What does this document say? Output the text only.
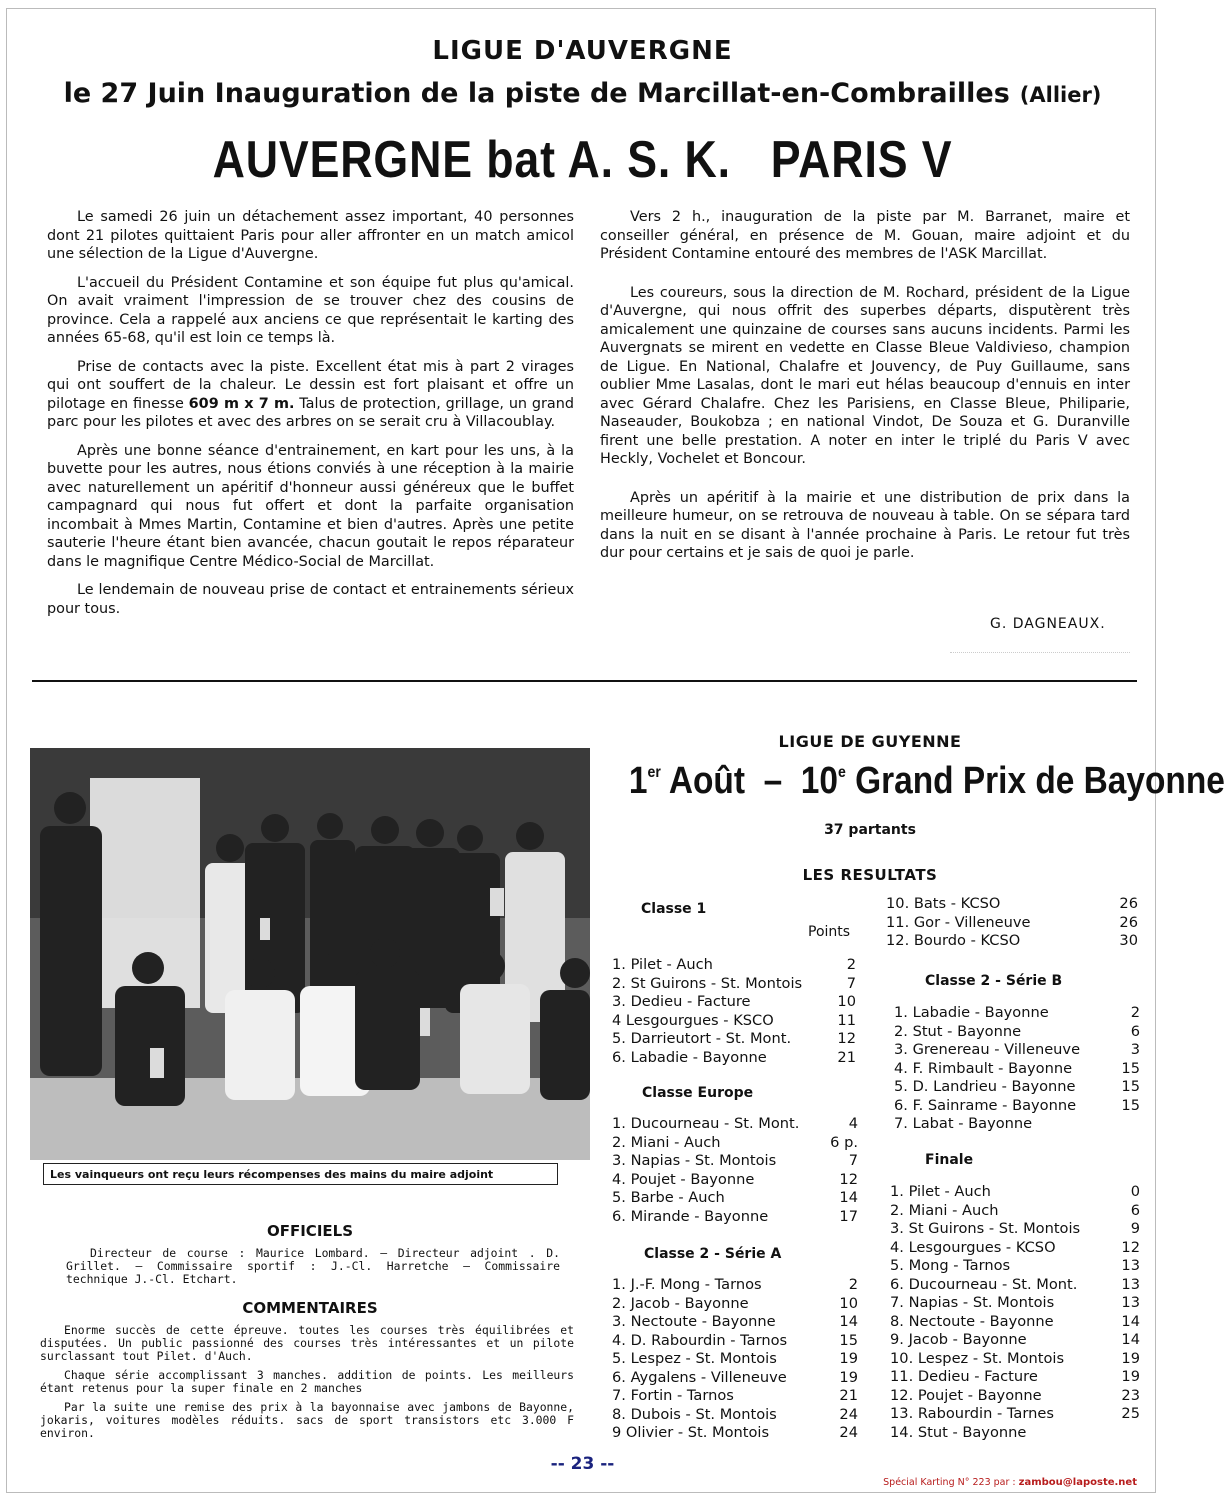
LIGUE D'AUVERGNE
le 27 Juin Inauguration de la piste de Marcillat-en-Combrailles (Allier)
AUVERGNE bat A. S. K.   PARIS V

Le samedi 26 juin un détachement assez important, 40 personnes dont 21 pilotes quittaient Paris pour aller affronter en un match amicol une sélection de la Ligue d'Auvergne.

L'accueil du Président Contamine et son équipe fut plus qu'amical. On avait vraiment l'impression de se trouver chez des cousins de province. Cela a rappelé aux anciens ce que représentait le karting des années 65-68, qu'il est loin ce temps là.

Prise de contacts avec la piste. Excellent état mis à part 2 virages qui ont souffert de la chaleur. Le dessin est fort plaisant et offre un pilotage en finesse 609 m x 7 m. Talus de protection, grillage, un grand parc pour les pilotes et avec des arbres on se serait cru à Villacoublay.

Après une bonne séance d'entrainement, en kart pour les uns, à la buvette pour les autres, nous étions conviés à une réception à la mairie avec naturellement un apéritif d'honneur aussi généreux que le buffet campagnard qui nous fut offert et dont la parfaite organisation incombait à Mmes Martin, Contamine et bien d'autres. Après une petite sauterie l'heure étant bien avancée, chacun goutait le repos réparateur dans le magnifique Centre Médico-Social de Marcillat.

Le lendemain de nouveau prise de contact et entrainements sérieux pour tous.

Vers 2 h., inauguration de la piste par M. Barranet, maire et conseiller général, en présence de M. Gouan, maire adjoint et du Président Contamine entouré des membres de l'ASK Marcillat.

Les coureurs, sous la direction de M. Rochard, président de la Ligue d'Auvergne, qui nous offrit des superbes départs, disputèrent très amicalement une quinzaine de courses sans aucuns incidents. Parmi les Auvergnats se mirent en vedette en Classe Bleue Valdivieso, champion de Ligue. En National, Chalafre et Jouvency, de Puy Guillaume, sans oublier Mme Lasalas, dont le mari eut hélas beaucoup d'ennuis en inter avec Gérard Chalafre. Chez les Parisiens, en Classe Bleue, Philiparie, Naseauder, Boukobza ; en national Vindot, De Souza et G. Duranville firent une belle prestation. A noter en inter le triplé du Paris V avec Heckly, Vochelet et Boncour.

Après un apéritif à la mairie et une distribution de prix dans la meilleure humeur, on se retrouva de nouveau à table. On se sépara tard dans la nuit en se disant à l'année prochaine à Paris. Le retour fut très dur pour certains et je sais de quoi je parle.

G. DAGNEAUX.
Les vainqueurs ont reçu leurs récompenses des mains du maire adjoint
OFFICIELS

Directeur de course : Maurice Lombard. — Directeur adjoint . D. Grillet. — Commissaire sportif : J.-Cl. Harretche — Commissaire technique J.-Cl. Etchart.

COMMENTAIRES

Enorme succès de cette épreuve. toutes les courses très équilibrées et disputées. Un public passionné des courses très intéressantes et un pilote surclassant tout Pilet. d'Auch.

Chaque série accomplissant 3 manches. addition de points. Les meilleurs étant retenus pour la super finale en 2 manches

Par la suite une remise des prix à la bayonnaise avec jambons de Bayonne, jokaris, voitures modèles réduits. sacs de sport transistors etc 3.000 F environ.

LIGUE DE GUYENNE
1er Août  –  10e Grand Prix de Bayonne
37 partants
LES RESULTATS
Classe 1
Points
1. Pilet - Auch	2
2. St Guirons - St. Montois	7
3. Dedieu - Facture	10
4 Lesgourgues - KSCO	11
5. Darrieutort - St. Mont.	12
6. Labadie - Bayonne	21
Classe Europe
1. Ducourneau - St. Mont.	4
2. Miani - Auch	6 p.
3. Napias - St. Montois	7
4. Poujet - Bayonne	12
5. Barbe - Auch	14
6. Mirande - Bayonne	17
Classe 2 - Série A
1. J.-F. Mong - Tarnos	2
2. Jacob - Bayonne	10
3. Nectoute - Bayonne	14
4. D. Rabourdin - Tarnos	15
5. Lespez - St. Montois	19
6. Aygalens - Villeneuve	19
7. Fortin - Tarnos	21
8. Dubois - St. Montois	24
9 Olivier - St. Montois	24
10. Bats - KCSO	26
11. Gor - Villeneuve	26
12. Bourdo - KCSO	30
Classe 2 - Série B
1. Labadie - Bayonne	2
2. Stut - Bayonne	6
3. Grenereau - Villeneuve	3
4. F. Rimbault - Bayonne	15
5. D. Landrieu - Bayonne	15
6. F. Sainrame - Bayonne	15
7. Labat - Bayonne
Finale
1. Pilet - Auch	0
2. Miani - Auch	6
3. St Guirons - St. Montois	9
4. Lesgourgues - KCSO	12
5. Mong - Tarnos	13
6. Ducourneau - St. Mont.	13
7. Napias - St. Montois	13
8. Nectoute - Bayonne	14
9. Jacob - Bayonne	14
10. Lespez - St. Montois	19
11. Dedieu - Facture	19
12. Poujet - Bayonne	23
13. Rabourdin - Tarnes	25
14. Stut - Bayonne
-- 23 --
Spécial Karting N° 223 par : zambou@laposte.net
